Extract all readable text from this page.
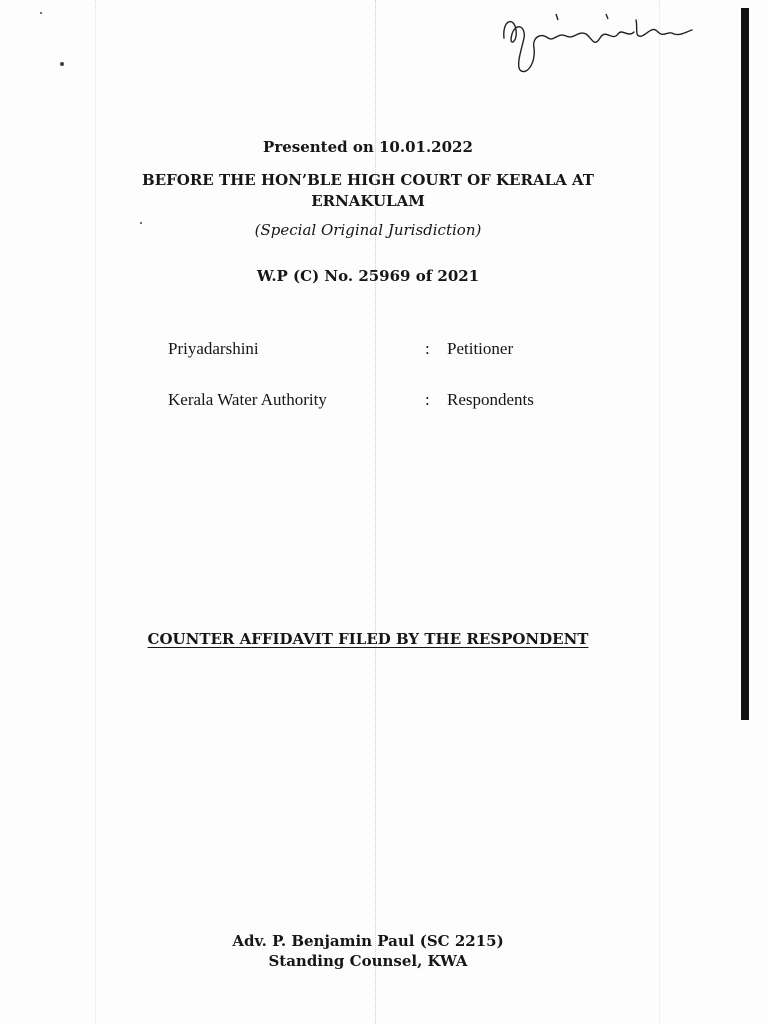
Presented on 10.01.2022
BEFORE THE HON’BLE HIGH COURT OF KERALA AT
ERNAKULAM
(Special Original Jurisdiction)
W.P (C) No. 25969 of 2021
Priyadarshini	: Petitioner
Kerala Water Authority	: Respondents
COUNTER AFFIDAVIT FILED BY THE RESPONDENT
Adv. P. Benjamin Paul (SC 2215)
Standing Counsel, KWA
